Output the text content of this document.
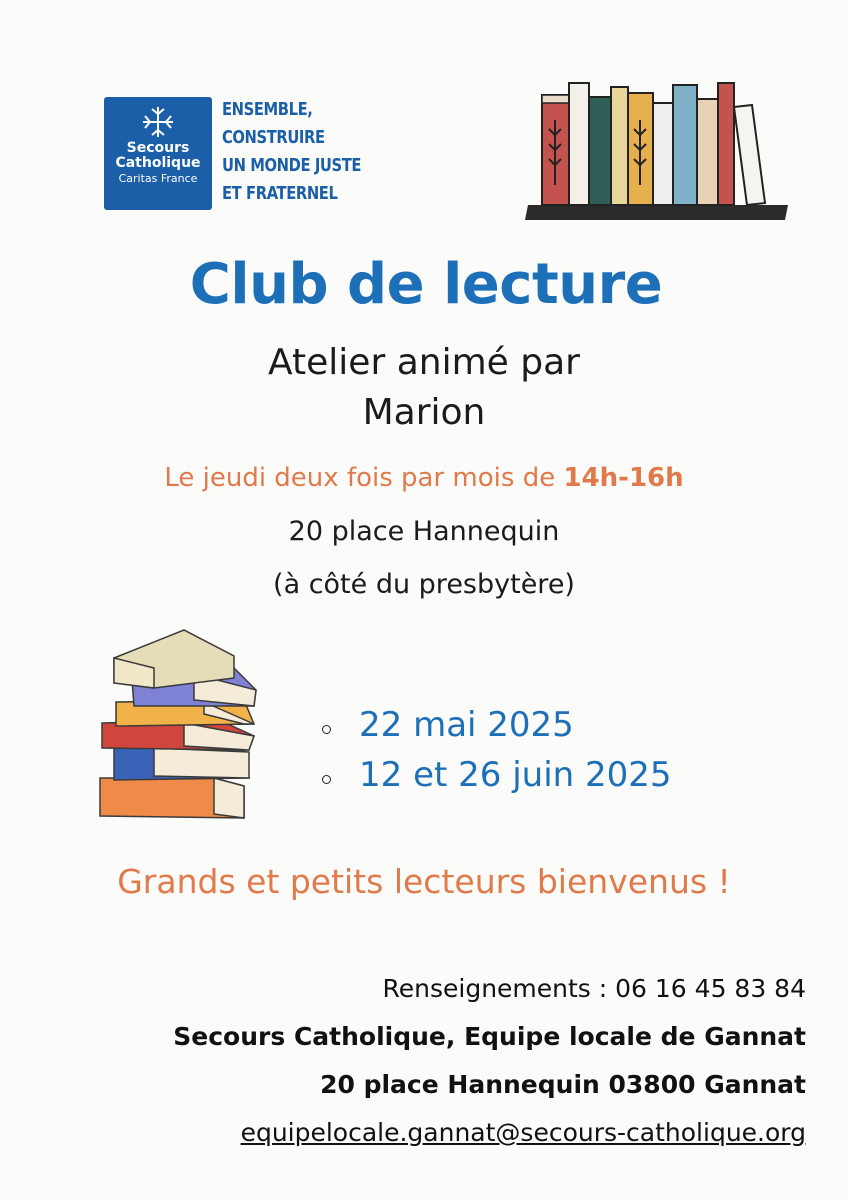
Secours
Catholique
Caritas France
ENSEMBLE,
CONSTRUIRE
UN MONDE JUSTE
ET FRATERNEL
Club de lecture
Atelier animé par
Marion
Le jeudi deux fois par mois de 14h-16h
20 place Hannequin
(à côté du presbytère)
22 mai 2025
12 et 26 juin 2025
Grands et petits lecteurs bienvenus !
Renseignements : 06 16 45 83 84
Secours Catholique, Equipe locale de Gannat
20 place Hannequin 03800 Gannat
equipelocale.gannat@secours-catholique.org
